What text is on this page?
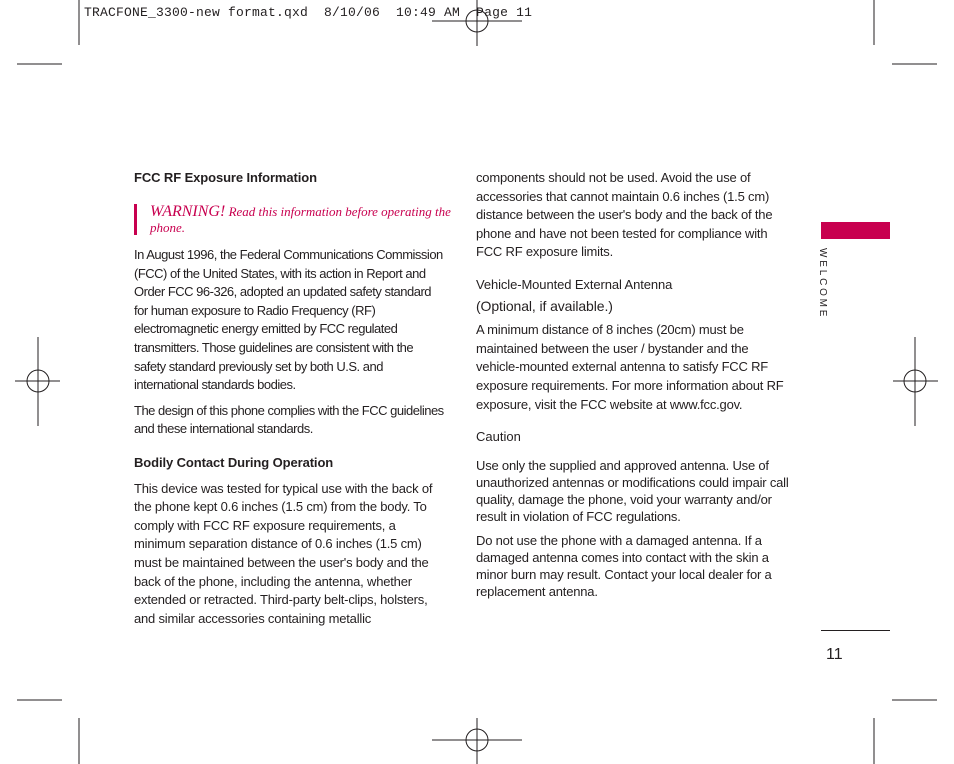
TRACFONE_3300-new format.qxd  8/10/06  10:49 AM  Page 11

FCC RF Exposure Information

WARNING! Read this information before operating the phone.

In August 1996, the Federal Communications Commission (FCC) of the United States, with its action in Report and Order FCC 96-326, adopted an updated safety standard for human exposure to Radio Frequency (RF) electromagnetic energy emitted by FCC regulated transmitters. Those guidelines are consistent with the safety standard previously set by both U.S. and international standards bodies.

The design of this phone complies with the FCC guidelines and these international standards.

Bodily Contact During Operation

This device was tested for typical use with the back of the phone kept 0.6 inches (1.5 cm) from the body. To comply with FCC RF exposure requirements, a minimum separation distance of 0.6 inches (1.5 cm) must be maintained between the user's body and the back of the phone, including the antenna, whether extended or retracted. Third-party belt-clips, holsters, and similar accessories containing metallic

components should not be used. Avoid the use of accessories that cannot maintain 0.6 inches (1.5 cm) distance between the user's body and the back of the phone and have not been tested for compliance with FCC RF exposure limits.

Vehicle-Mounted External Antenna

(Optional, if available.)

A minimum distance of 8 inches (20cm) must be maintained between the user / bystander and the vehicle-mounted external antenna to satisfy FCC RF exposure requirements. For more information about RF exposure, visit the FCC website at www.fcc.gov.

Caution

Use only the supplied and approved antenna. Use of unauthorized antennas or modifications could impair call quality, damage the phone, void your warranty and/or result in violation of FCC regulations.

Do not use the phone with a damaged antenna. If a damaged antenna comes into contact with the skin a minor burn may result. Contact your local dealer for a replacement antenna.

WELCOME
11
